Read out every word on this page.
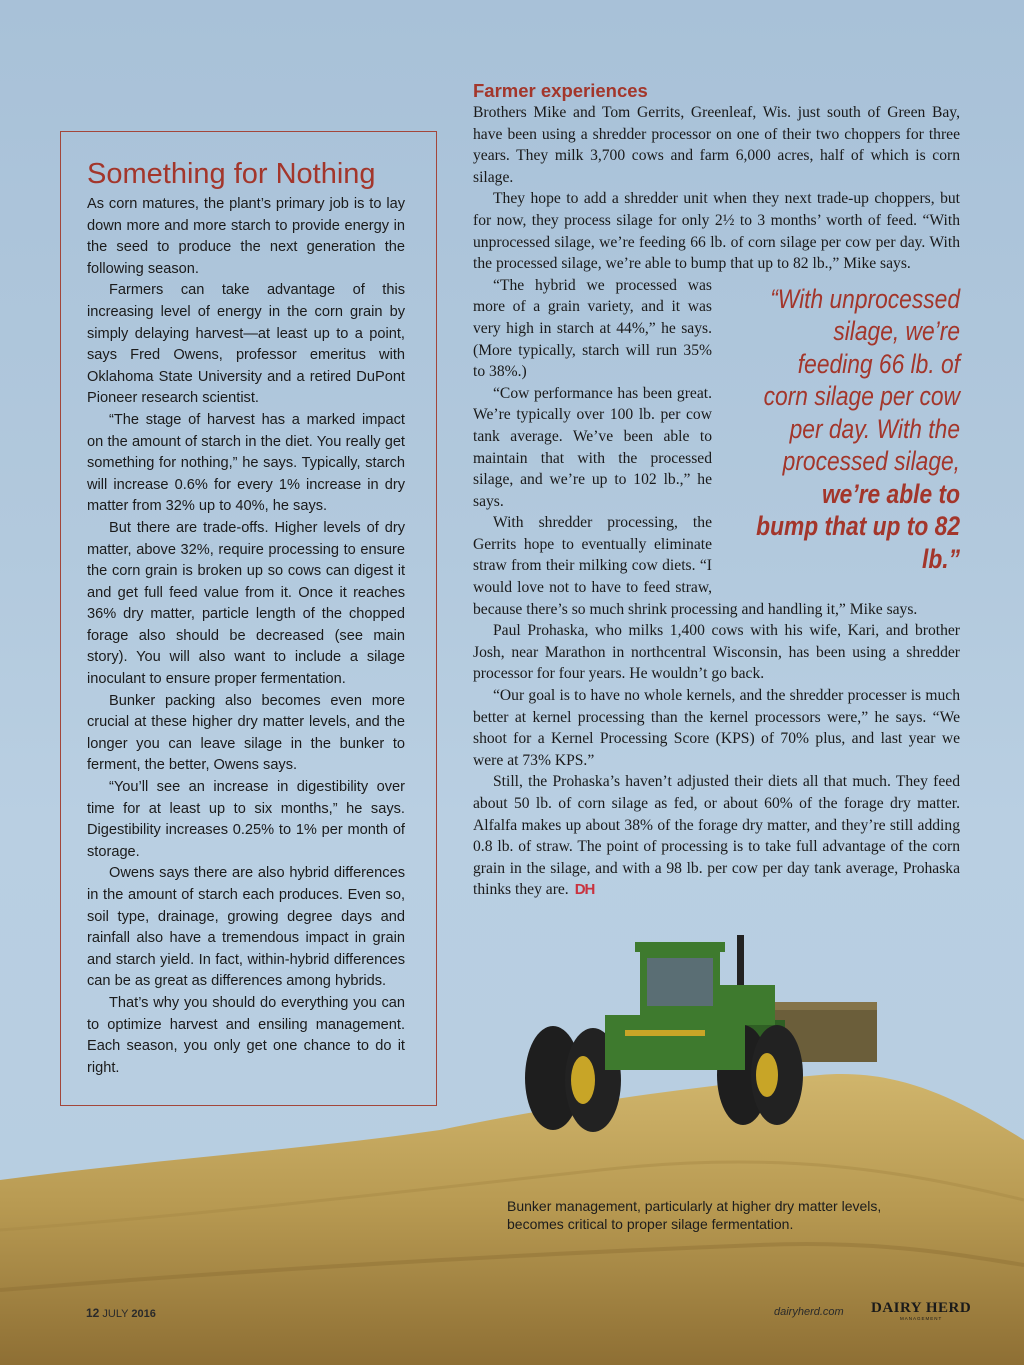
Something for Nothing

As corn matures, the plant’s primary job is to lay down more and more starch to provide energy in the seed to produce the next generation the following season.

Farmers can take advantage of this increasing level of energy in the corn grain by simply delaying harvest—at least up to a point, says Fred Owens, professor emeritus with Oklahoma State University and a retired DuPont Pioneer research scientist.

“The stage of harvest has a marked impact on the amount of starch in the diet. You really get something for nothing,” he says. Typically, starch will increase 0.6% for every 1% increase in dry matter from 32% up to 40%, he says.

But there are trade-offs. Higher levels of dry matter, above 32%, require processing to ensure the corn grain is broken up so cows can digest it and get full feed value from it. Once it reaches 36% dry matter, particle length of the chopped forage also should be decreased (see main story). You will also want to include a silage inoculant to ensure proper fermentation.

Bunker packing also becomes even more crucial at these higher dry matter levels, and the longer you can leave silage in the bunker to ferment, the better, Owens says.

“You’ll see an increase in digestibility over time for at least up to six months,” he says. Digestibility increases 0.25% to 1% per month of storage.

Owens says there are also hybrid differences in the amount of starch each produces. Even so, soil type, drainage, growing degree days and rainfall also have a tremendous impact in grain and starch yield. In fact, within-hybrid differences can be as great as differences among hybrids.

That’s why you should do everything you can to optimize harvest and ensiling management. Each season, you only get one chance to do it right.

Farmer experiences

Brothers Mike and Tom Gerrits, Greenleaf, Wis. just south of Green Bay, have been using a shredder processor on one of their two choppers for three years. They milk 3,700 cows and farm 6,000 acres, half of which is corn silage.

They hope to add a shredder unit when they next trade-up choppers, but for now, they process silage for only 2½ to 3 months’ worth of feed. “With unprocessed silage, we’re feeding 66 lb. of corn silage per cow per day. With the processed silage, we’re able to bump that up to 82 lb.,” Mike says.

“With unprocessed silage, we’re feeding 66 lb. of corn silage per cow per day. With the processed silage, we’re able to bump that up to 82 lb.”

“The hybrid we processed was more of a grain variety, and it was very high in starch at 44%,” he says. (More typically, starch will run 35% to 38%.)

“Cow performance has been great. We’re typically over 100 lb. per cow tank average. We’ve been able to maintain that with the processed silage, and we’re up to 102 lb.,” he says.

With shredder processing, the Gerrits hope to eventually eliminate straw from their milking cow diets. “I would love not to have to feed straw, because there’s so much shrink processing and handling it,” Mike says.

Paul Prohaska, who milks 1,400 cows with his wife, Kari, and brother Josh, near Marathon in northcentral Wisconsin, has been using a shredder processor for four years. He wouldn’t go back.

“Our goal is to have no whole kernels, and the shredder processer is much better at kernel processing than the kernel processors were,” he says. “We shoot for a Kernel Processing Score (KPS) of 70% plus, and last year we were at 73% KPS.”

Still, the Prohaska’s haven’t adjusted their diets all that much. They feed about 50 lb. of corn silage as fed, or about 60% of the forage dry matter. Alfalfa makes up about 38% of the forage dry matter, and they’re still adding 0.8 lb. of straw. The point of processing is to take full advantage of the corn grain in the silage, and with a 98 lb. per cow per day tank average, Prohaska thinks they are. DH

Bunker management, particularly at higher dry matter levels, becomes critical to proper silage fermentation.
12 JULY 2016	dairyherd.com DAIRY HERD
MANAGEMENT
